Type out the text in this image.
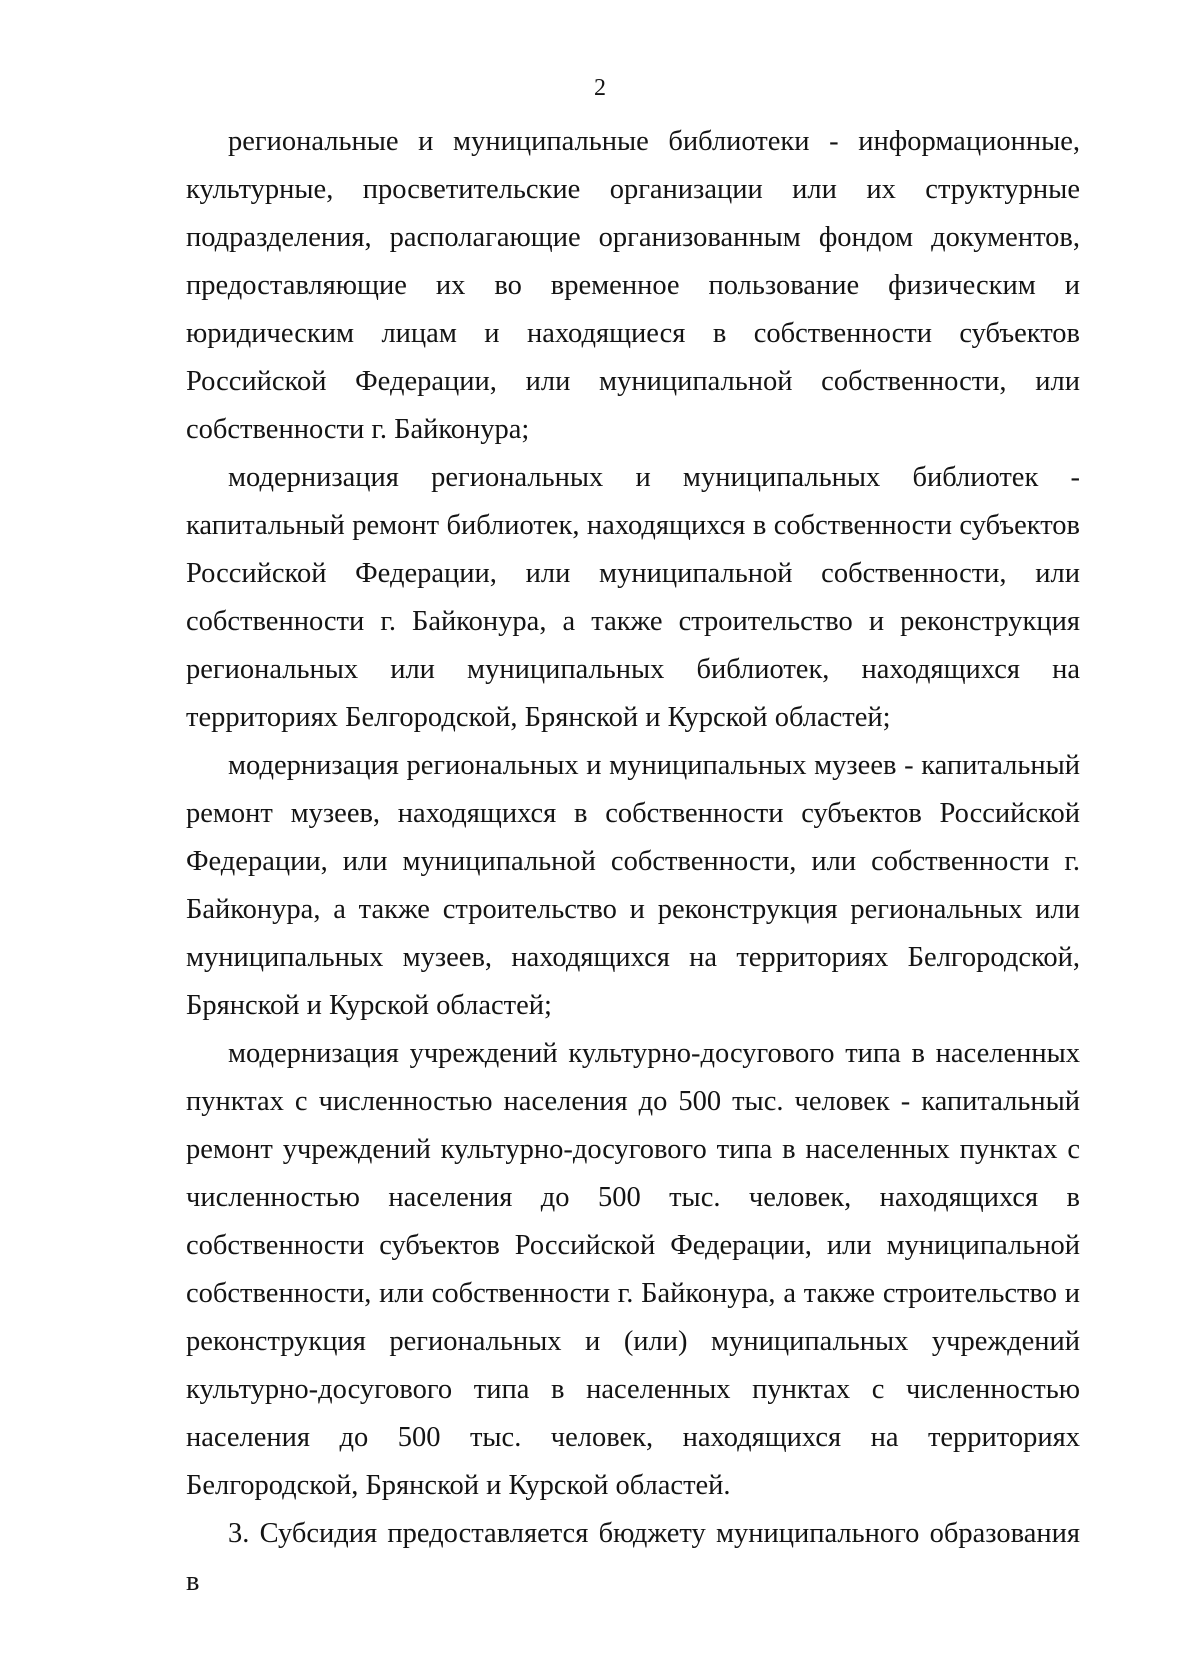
2

региональные и муниципальные библиотеки - информационные, культурные, просветительские организации или их структурные подразделения, располагающие организованным фондом документов, предоставляющие их во временное пользование физическим и юридическим лицам и находящиеся в собственности субъектов Российской Федерации, или муниципальной собственности, или собственности г. Байконура;

модернизация региональных и муниципальных библиотек - капитальный ремонт библиотек, находящихся в собственности субъектов Российской Федерации, или муниципальной собственности, или собственности г. Байконура, а также строительство и реконструкция региональных или муниципальных библиотек, находящихся на территориях Белгородской, Брянской и Курской областей;

модернизация региональных и муниципальных музеев - капитальный ремонт музеев, находящихся в собственности субъектов Российской Федерации, или муниципальной собственности, или собственности г. Байконура, а также строительство и реконструкция региональных или муниципальных музеев, находящихся на территориях Белгородской, Брянской и Курской областей;

модернизация учреждений культурно-досугового типа в населенных пунктах с численностью населения до 500 тыс. человек - капитальный ремонт учреждений культурно-досугового типа в населенных пунктах с численностью населения до 500 тыс. человек, находящихся в собственности субъектов Российской Федерации, или муниципальной собственности, или собственности г. Байконура, а также строительство и реконструкция региональных и (или) муниципальных учреждений культурно-досугового типа в населенных пунктах с численностью населения до 500 тыс. человек, находящихся на территориях Белгородской, Брянской и Курской областей.

3. Субсидия предоставляется бюджету муниципального образования в
